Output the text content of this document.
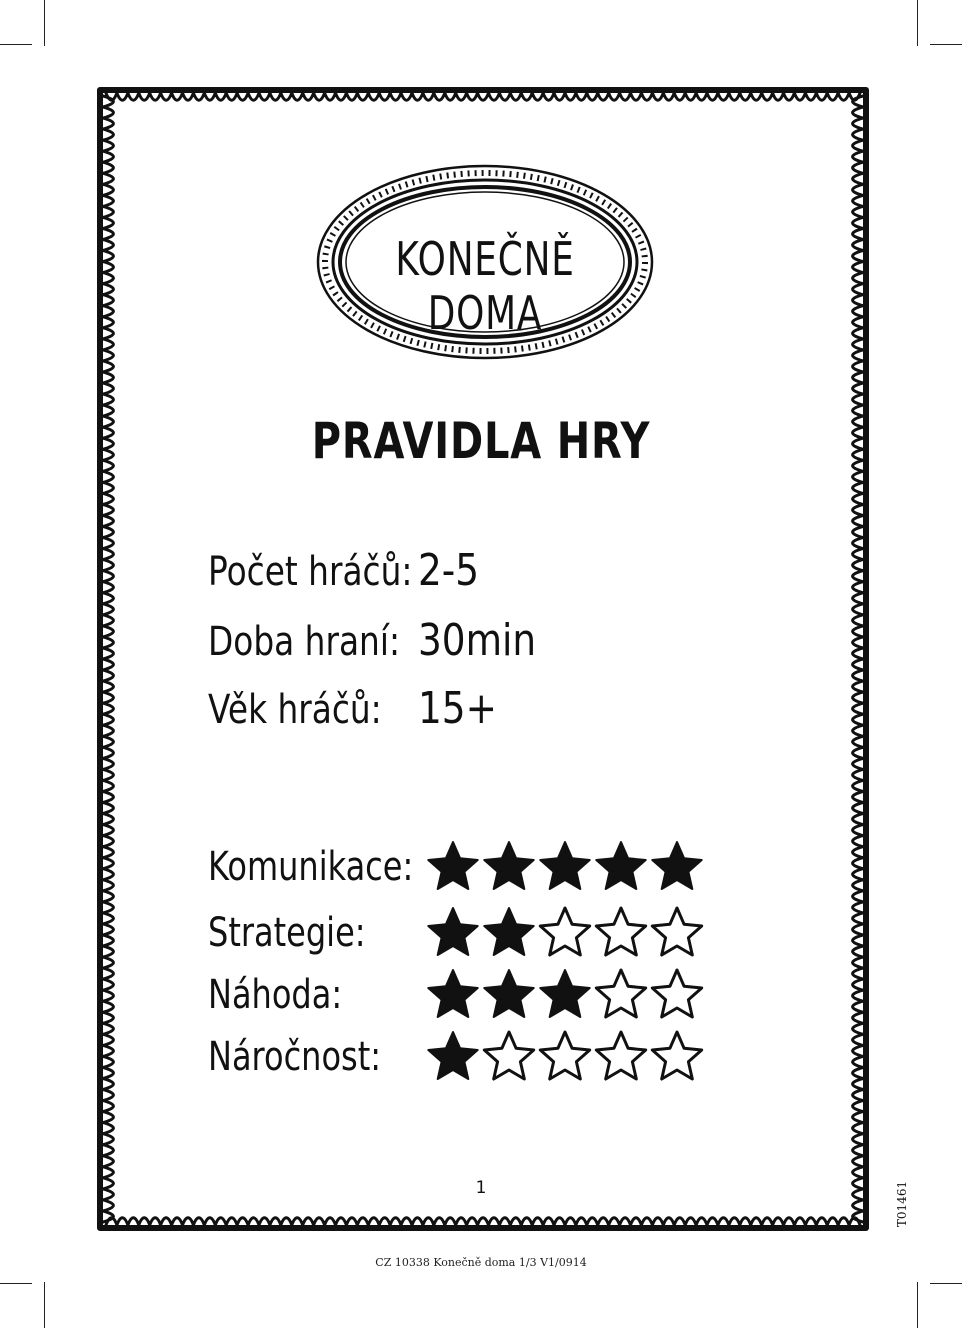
KONEČNĚ DOMA
PRAVIDLA HRY
Počet hráčů: 2-5
Doba hraní: 30min
Věk hráčů: 15+
Komunikace:
Strategie:
Náhoda:
Náročnost:
1	T01461
CZ 10338 Konečně doma 1/3 V1/0914
